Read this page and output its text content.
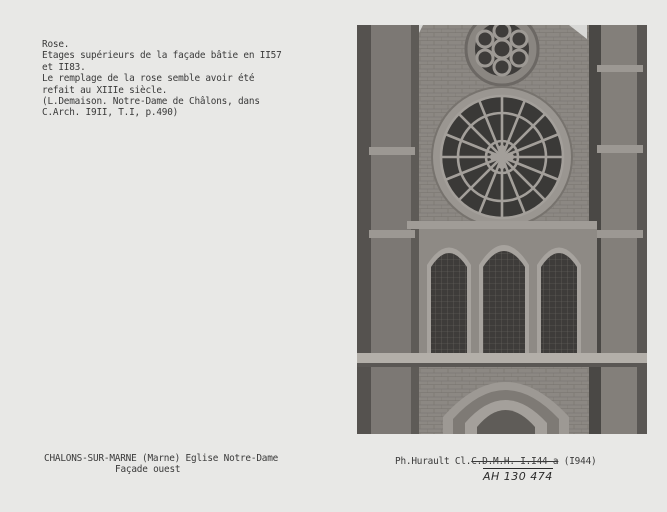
Rose.
Etages supérieurs de la façade bâtie en II57
et II83.
Le remplage de la rose semble avoir été
refait au XIIIe siècle.
(L.Demaison. Notre-Dame de Châlons, dans
C.Arch. I9II, T.I, p.490)
CHALONS-SUR-MARNE (Marne) Eglise Notre-Dame
Façade ouest
Ph.Hurault Cl.C.D.M.H. I.I44 a (I944)
AH 130 474
